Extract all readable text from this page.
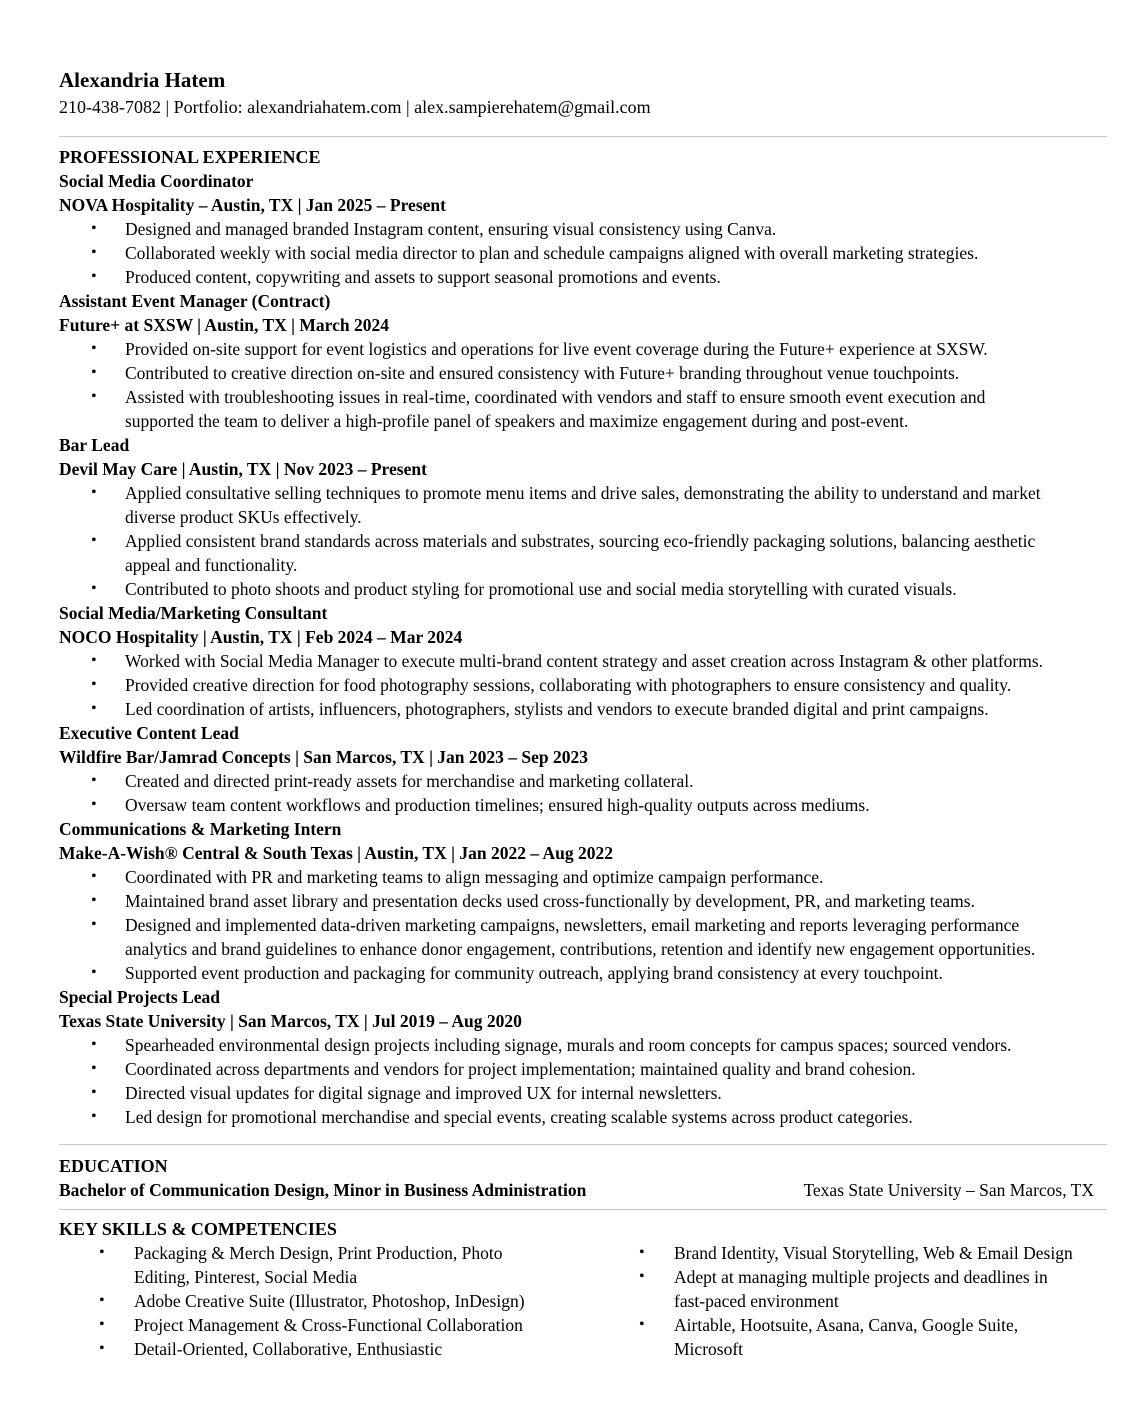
Alexandria Hatem
210-438-7082 | Portfolio: alexandriahatem.com | alex.sampierehatem@gmail.com
PROFESSIONAL EXPERIENCE
Social Media Coordinator
NOVA Hospitality – Austin, TX | Jan 2025 – Present
• Designed and managed branded Instagram content, ensuring visual consistency using Canva.
• Collaborated weekly with social media director to plan and schedule campaigns aligned with overall marketing strategies.
• Produced content, copywriting and assets to support seasonal promotions and events.
Assistant Event Manager (Contract)
Future+ at SXSW | Austin, TX | March 2024
• Provided on-site support for event logistics and operations for live event coverage during the Future+ experience at SXSW.
• Contributed to creative direction on-site and ensured consistency with Future+ branding throughout venue touchpoints.
• Assisted with troubleshooting issues in real-time, coordinated with vendors and staff to ensure smooth event execution and
supported the team to deliver a high-profile panel of speakers and maximize engagement during and post-event.
Bar Lead
Devil May Care | Austin, TX | Nov 2023 – Present
• Applied consultative selling techniques to promote menu items and drive sales, demonstrating the ability to understand and market
diverse product SKUs effectively.
• Applied consistent brand standards across materials and substrates, sourcing eco-friendly packaging solutions, balancing aesthetic
appeal and functionality.
• Contributed to photo shoots and product styling for promotional use and social media storytelling with curated visuals.
Social Media/Marketing Consultant
NOCO Hospitality | Austin, TX | Feb 2024 – Mar 2024
• Worked with Social Media Manager to execute multi-brand content strategy and asset creation across Instagram & other platforms.
• Provided creative direction for food photography sessions, collaborating with photographers to ensure consistency and quality.
• Led coordination of artists, influencers, photographers, stylists and vendors to execute branded digital and print campaigns.
Executive Content Lead
Wildfire Bar/Jamrad Concepts | San Marcos, TX | Jan 2023 – Sep 2023
• Created and directed print-ready assets for merchandise and marketing collateral.
• Oversaw team content workflows and production timelines; ensured high-quality outputs across mediums.
Communications & Marketing Intern
Make-A-Wish® Central & South Texas | Austin, TX | Jan 2022 – Aug 2022
• Coordinated with PR and marketing teams to align messaging and optimize campaign performance.
• Maintained brand asset library and presentation decks used cross-functionally by development, PR, and marketing teams.
• Designed and implemented data-driven marketing campaigns, newsletters, email marketing and reports leveraging performance
analytics and brand guidelines to enhance donor engagement, contributions, retention and identify new engagement opportunities.
• Supported event production and packaging for community outreach, applying brand consistency at every touchpoint.
Special Projects Lead
Texas State University | San Marcos, TX | Jul 2019 – Aug 2020
• Spearheaded environmental design projects including signage, murals and room concepts for campus spaces; sourced vendors.
• Coordinated across departments and vendors for project implementation; maintained quality and brand cohesion.
• Directed visual updates for digital signage and improved UX for internal newsletters.
• Led design for promotional merchandise and special events, creating scalable systems across product categories.
EDUCATION
Bachelor of Communication Design, Minor in Business Administration	Texas State University – San Marcos, TX
KEY SKILLS & COMPETENCIES
• Packaging & Merch Design, Print Production, Photo
Editing, Pinterest, Social Media
• Adobe Creative Suite (Illustrator, Photoshop, InDesign)
• Project Management & Cross-Functional Collaboration
• Detail-Oriented, Collaborative, Enthusiastic
• Brand Identity, Visual Storytelling, Web & Email Design
• Adept at managing multiple projects and deadlines in
fast-paced environment
• Airtable, Hootsuite, Asana, Canva, Google Suite,
Microsoft
